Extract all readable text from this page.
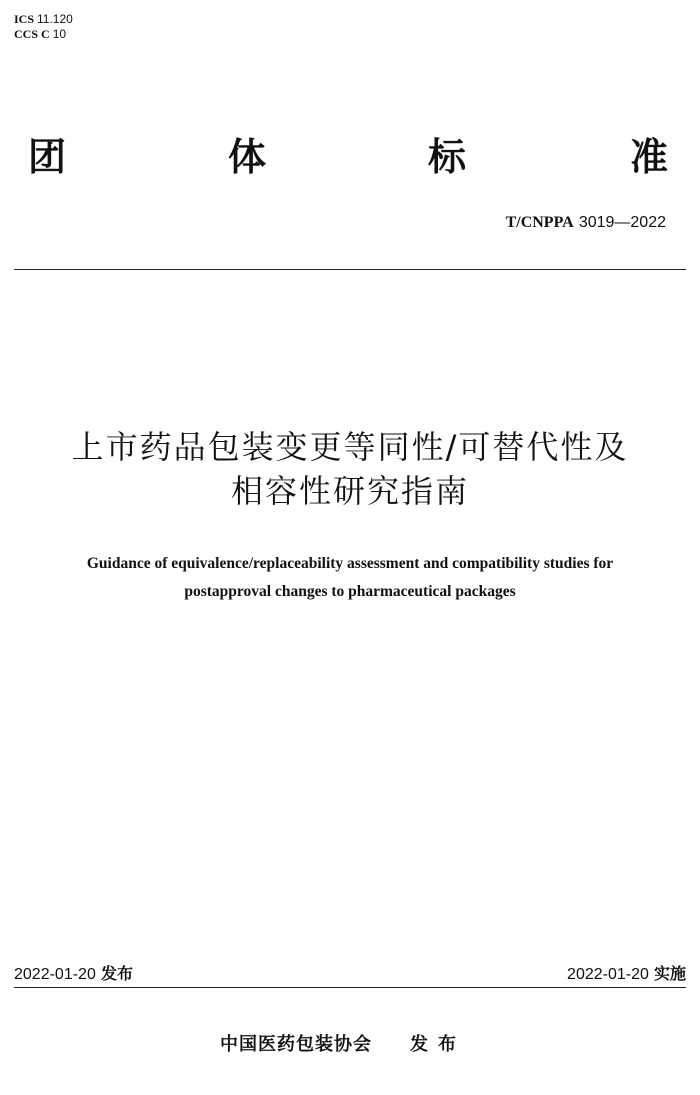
ICS 11.120
CCS C 10
团	体	标	准
T/CNPPA 3019—2022
上市药品包装变更等同性/可替代性及
相容性研究指南
Guidance of equivalence/replaceability assessment and compatibility studies for
postapproval changes to pharmaceutical packages
2022-01-20 发布	2022-01-20 实施
中国医药包装协会 发布
